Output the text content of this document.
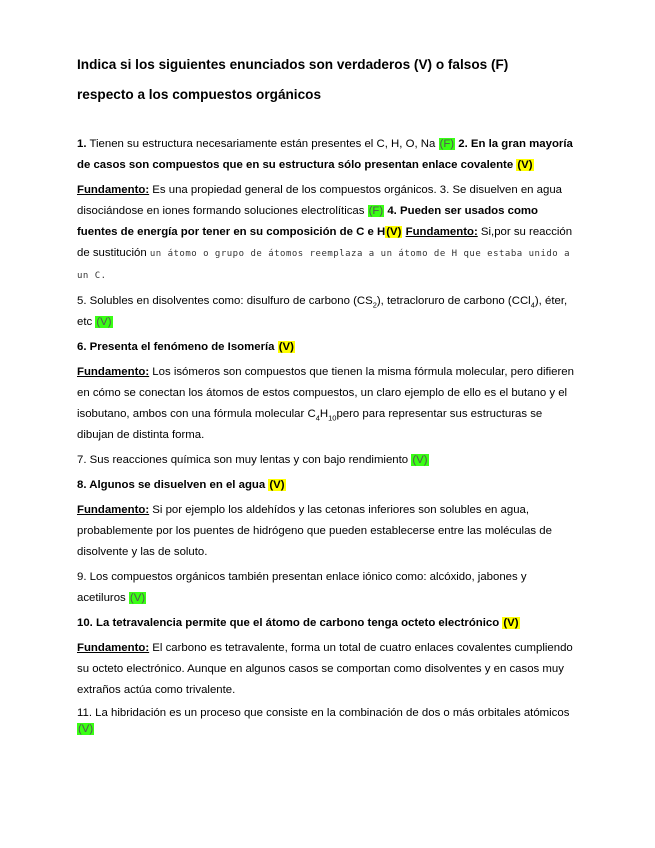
Indica si los siguientes enunciados son verdaderos (V) o falsos (F)
respecto a los compuestos orgánicos

1. Tienen su estructura necesariamente están presentes el C, H, O, Na (F) 2. En la gran mayoría de casos son compuestos que en su estructura sólo presentan enlace covalente (V)

Fundamento: Es una propiedad general de los compuestos orgánicos. 3. Se disuelven en agua disociándose en iones formando soluciones electrolíticas (F) 4. Pueden ser usados como fuentes de energía por tener en su composición de C e H(V) Fundamento: Si,por su reacción de sustitución un átomo o grupo de átomos reemplaza a un átomo de H que estaba unido a un C.

5. Solubles en disolventes como: disulfuro de carbono $(CS_2)$, tetracloruro de carbono (CCl$_4$), éter, etc (V)

6. Presenta el fenómeno de Isomería (V)

Fundamento: Los isómeros son compuestos que tienen la misma fórmula molecular, pero difieren en cómo se conectan los átomos de estos compuestos, un claro ejemplo de ello es el butano y el isobutano, ambos con una fórmula molecular $C_4H_{10}pero$ para representar sus estructuras se dibujan de distinta forma.

7. Sus reacciones química son muy lentas y con bajo rendimiento (V)

8. Algunos se disuelven en el agua (V)

Fundamento: Si por ejemplo los aldehídos y las cetonas inferiores son solubles en agua, probablemente por los puentes de hidrógeno que pueden establecerse entre las moléculas de disolvente y las de soluto.

9. Los compuestos orgánicos también presentan enlace iónico como: alcóxido, jabones y acetiluros (V)

10. La tetravalencia permite que el átomo de carbono tenga octeto electrónico (V)

Fundamento: El carbono es tetravalente, forma un total de cuatro enlaces covalentes cumpliendo su octeto electrónico. Aunque en algunos casos se comportan como disolventes y en casos muy extraños actúa como trivalente.

11. La hibridación es un proceso que consiste en la combinación de dos o más orbitales atómicos (V)
